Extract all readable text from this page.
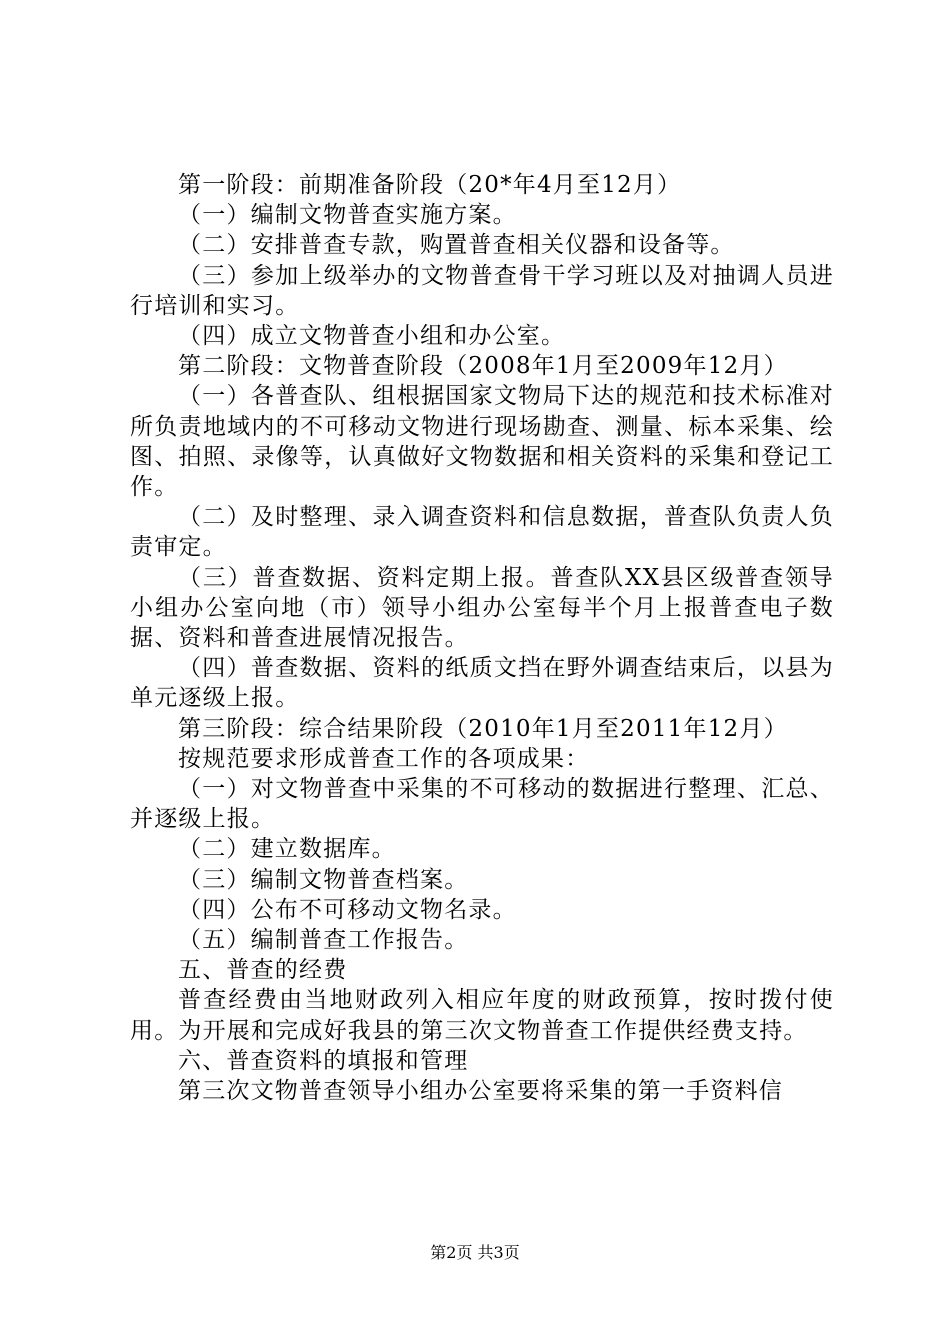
第一阶段：前期准备阶段（20*年4月至12月）

（一）编制文物普查实施方案。

（二）安排普查专款，购置普查相关仪器和设备等。

（三）参加上级举办的文物普查骨干学习班以及对抽调人员进行培训和实习。

（四）成立文物普查小组和办公室。

第二阶段：文物普查阶段（2008年1月至2009年12月）

（一）各普查队、组根据国家文物局下达的规范和技术标准对所负责地域内的不可移动文物进行现场勘查、测量、标本采集、绘图、拍照、录像等，认真做好文物数据和相关资料的采集和登记工作。

（二）及时整理、录入调查资料和信息数据，普查队负责人负责审定。

（三）普查数据、资料定期上报。普查队XX县区级普查领导小组办公室向地（市）领导小组办公室每半个月上报普查电子数据、资料和普查进展情况报告。

（四）普查数据、资料的纸质文挡在野外调查结束后，以县为单元逐级上报。

第三阶段：综合结果阶段（2010年1月至2011年12月）

按规范要求形成普查工作的各项成果：

（一）对文物普查中采集的不可移动的数据进行整理、汇总、并逐级上报。

（二）建立数据库。

（三）编制文物普查档案。

（四）公布不可移动文物名录。

（五）编制普查工作报告。

五、普查的经费

普查经费由当地财政列入相应年度的财政预算，按时拨付使用。为开展和完成好我县的第三次文物普查工作提供经费支持。

六、普查资料的填报和管理

第三次文物普查领导小组办公室要将采集的第一手资料信

第2页 共3页
